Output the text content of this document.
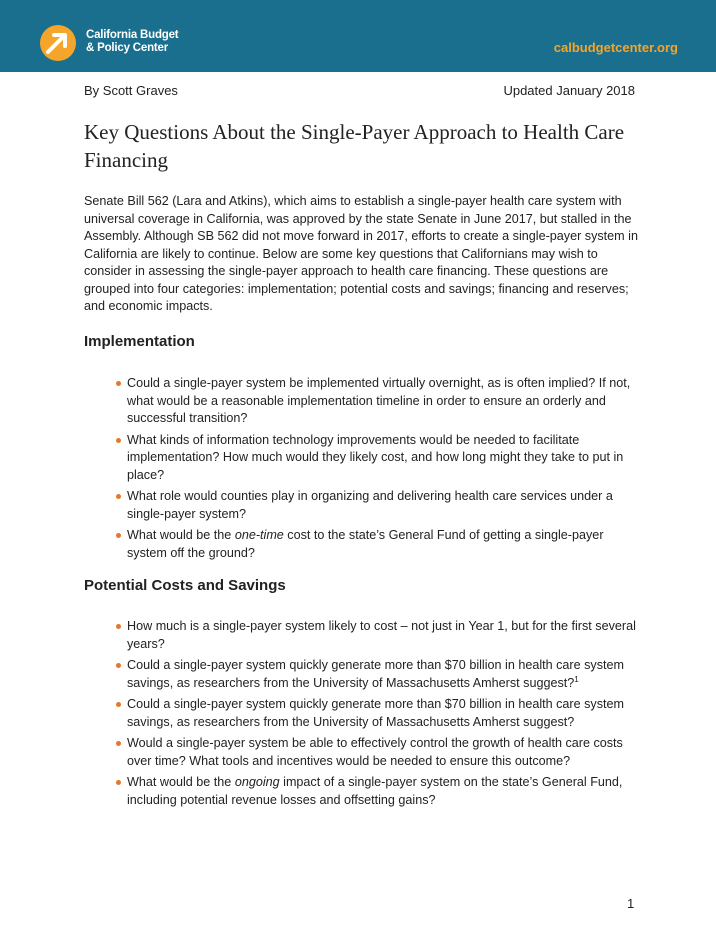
California Budget
& Policy Center	calbudgetcenter.org
By Scott Graves	Updated January 2018
Key Questions About the Single-Payer Approach to Health Care Financing

Senate Bill 562 (Lara and Atkins), which aims to establish a single-payer health care system with universal coverage in California, was approved by the state Senate in June 2017, but stalled in the Assembly. Although SB 562 did not move forward in 2017, efforts to create a single-payer system in California are likely to continue. Below are some key questions that Californians may wish to consider in assessing the single-payer approach to health care financing. These questions are grouped into four categories: implementation; potential costs and savings; financing and reserves; and economic impacts.

Implementation
Could a single-payer system be implemented virtually overnight, as is often implied? If not, what would be a reasonable implementation timeline in order to ensure an orderly and successful transition?
What kinds of information technology improvements would be needed to facilitate implementation? How much would they likely cost, and how long might they take to put in place?
What role would counties play in organizing and delivering health care services under a single-payer system?
What would be the one-time cost to the state’s General Fund of getting a single-payer system off the ground?
Potential Costs and Savings
How much is a single-payer system likely to cost – not just in Year 1, but for the first several years?
Could a single-payer system quickly generate more than $70 billion in health care system savings, as researchers from the University of Massachusetts Amherst suggest?$^1$
Could a single-payer system quickly generate more than $70 billion in health care system savings, as researchers from the University of Massachusetts Amherst suggest?
Would a single-payer system be able to effectively control the growth of health care costs over time? What tools and incentives would be needed to ensure this outcome?
What would be the ongoing impact of a single-payer system on the state’s General Fund, including potential revenue losses and offsetting gains?
1
